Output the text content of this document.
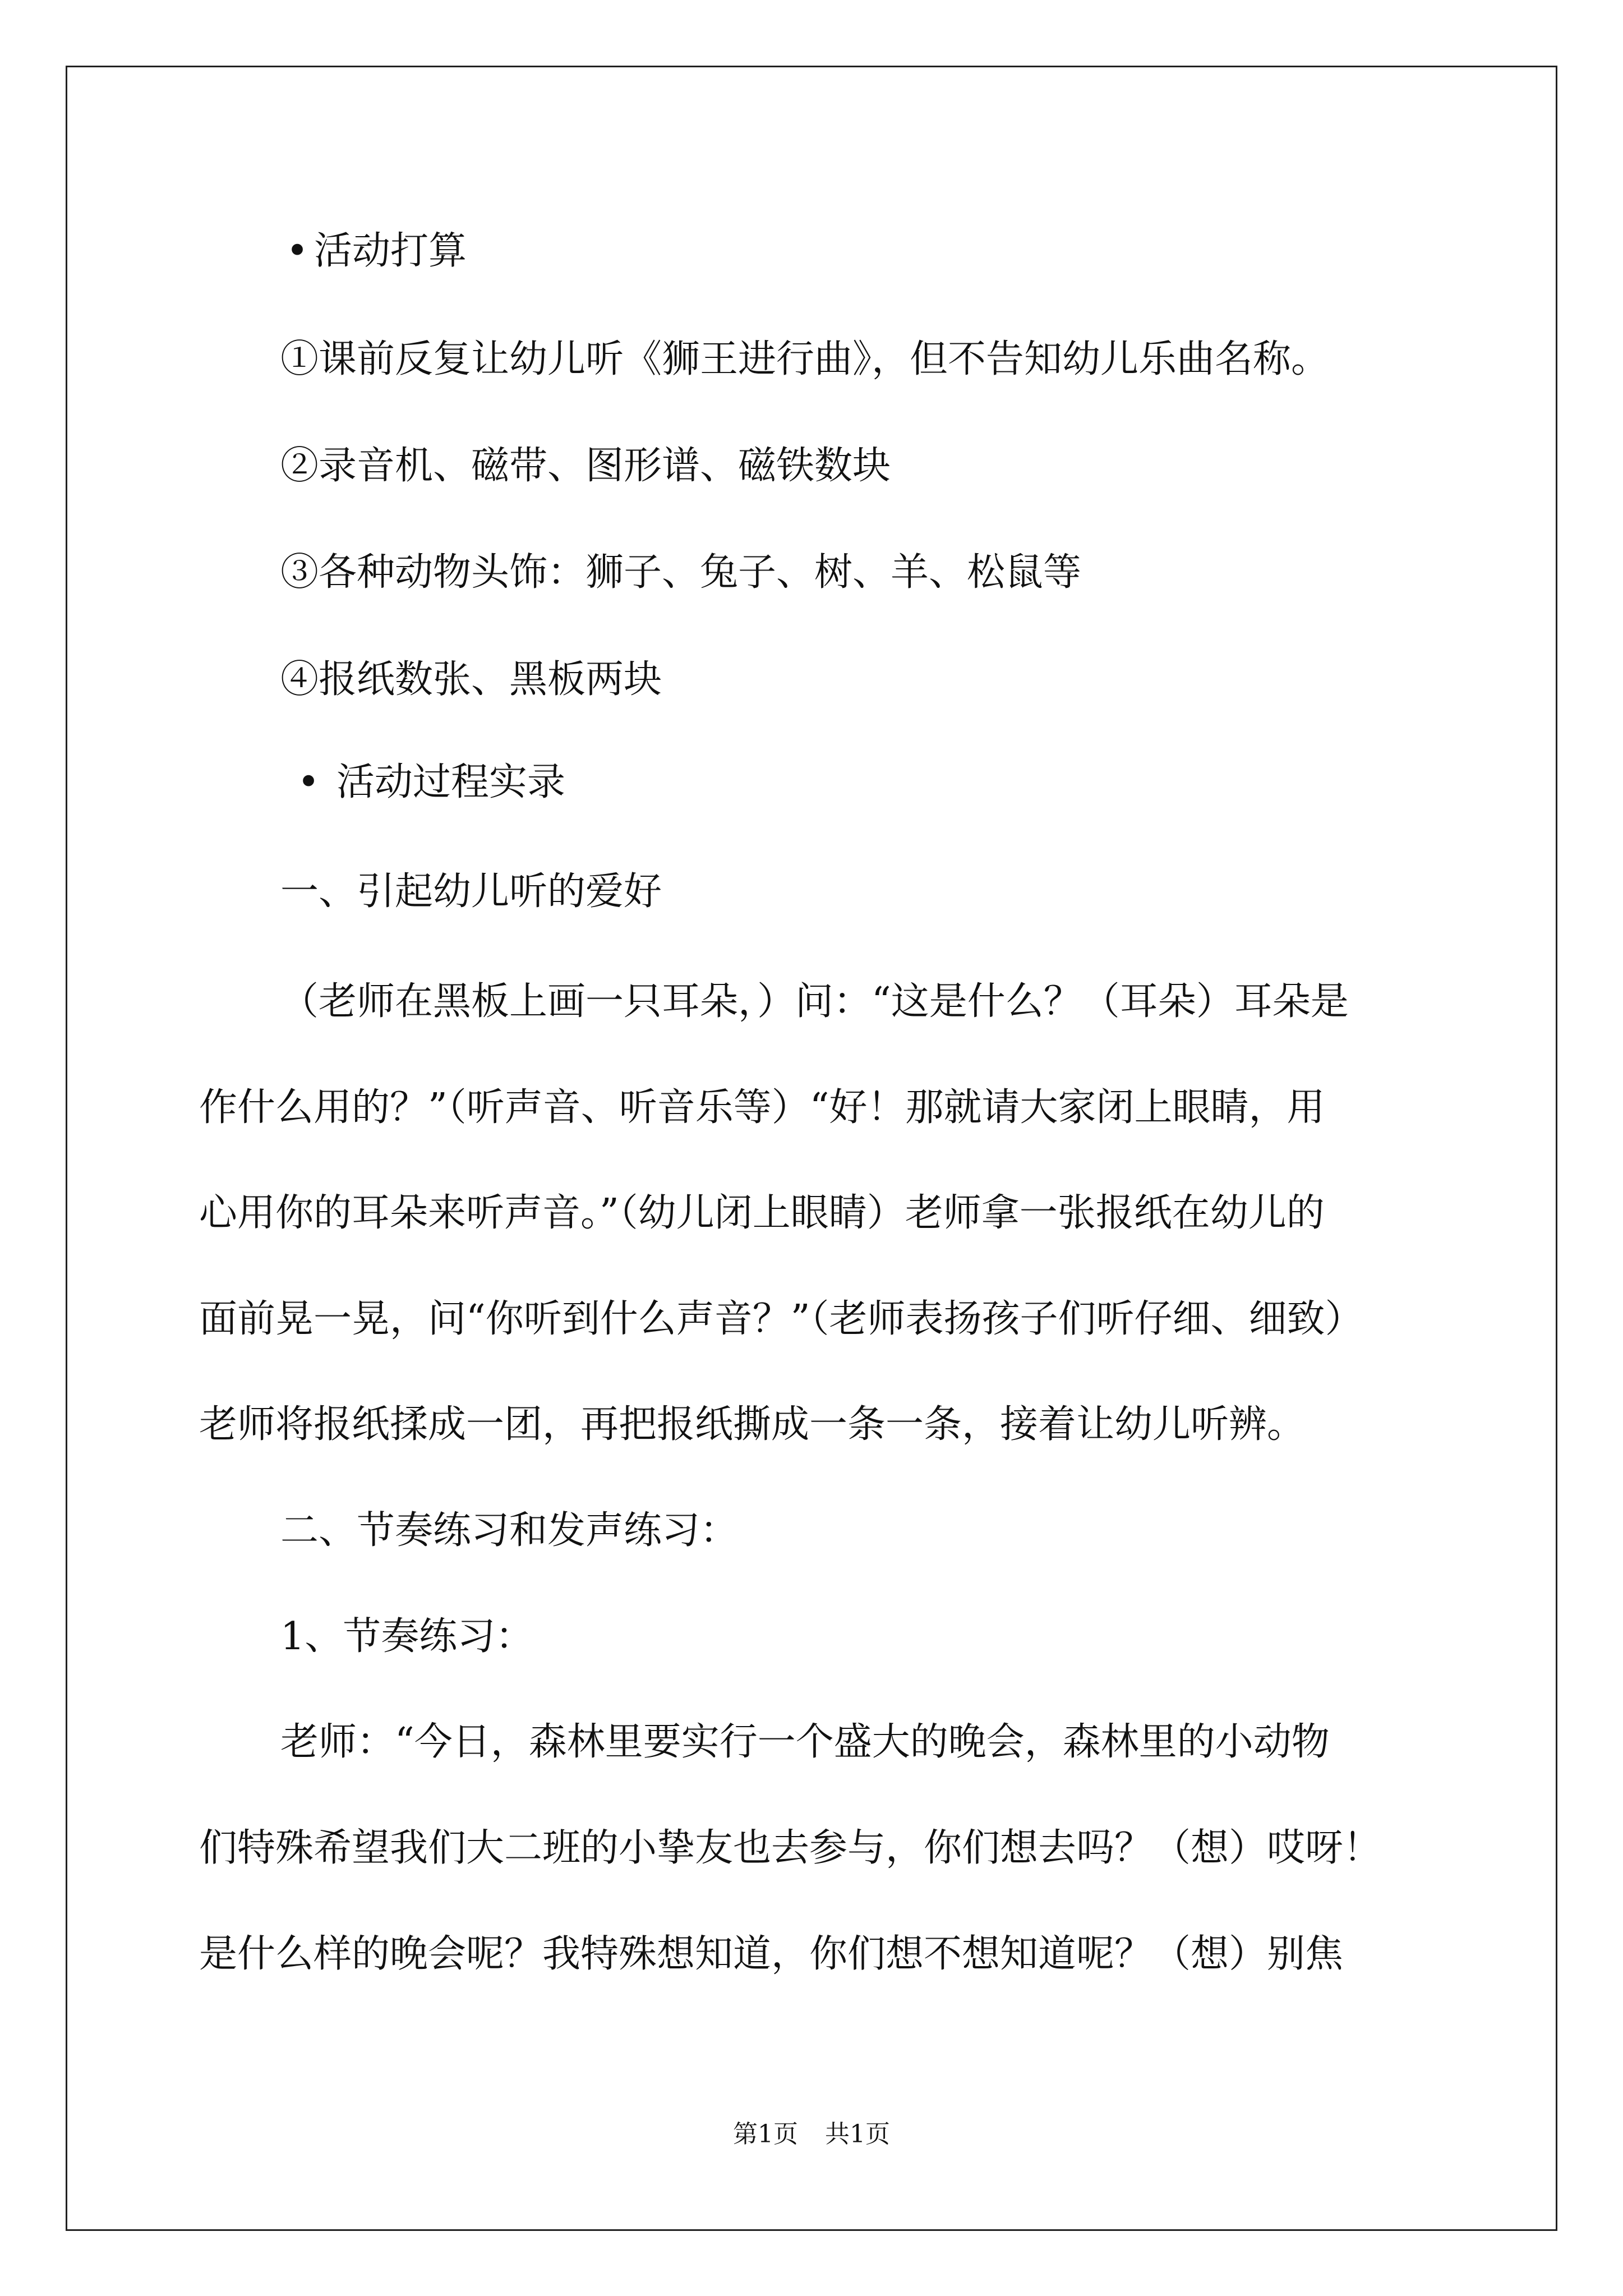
• 活动打算

①课前反复让幼儿听《狮王进行曲》，但不告知幼儿乐曲名称。

②录音机、磁带、图形谱、磁铁数块

③各种动物头饰：狮子、兔子、树、羊、松鼠等

④报纸数张、黑板两块

• 活动过程实录

一、引起幼儿听的爱好

（老师在黑板上画一只耳朵，）问：“这是什么？（耳朵）耳朵是

作什么用的？”（听声音、听音乐等）“好！那就请大家闭上眼睛，用

心用你的耳朵来听声音。”（幼儿闭上眼睛）老师拿一张报纸在幼儿的

面前晃一晃，问“你听到什么声音？”（老师表扬孩子们听仔细、细致）

老师将报纸揉成一团，再把报纸撕成一条一条，接着让幼儿听辨。

二、节奏练习和发声练习：

1、节奏练习：

老师：“今日，森林里要实行一个盛大的晚会，森林里的小动物

们特殊希望我们大二班的小挚友也去参与，你们想去吗？（想）哎呀！

是什么样的晚会呢？我特殊想知道，你们想不想知道呢？（想）别焦

第1页 共1页
